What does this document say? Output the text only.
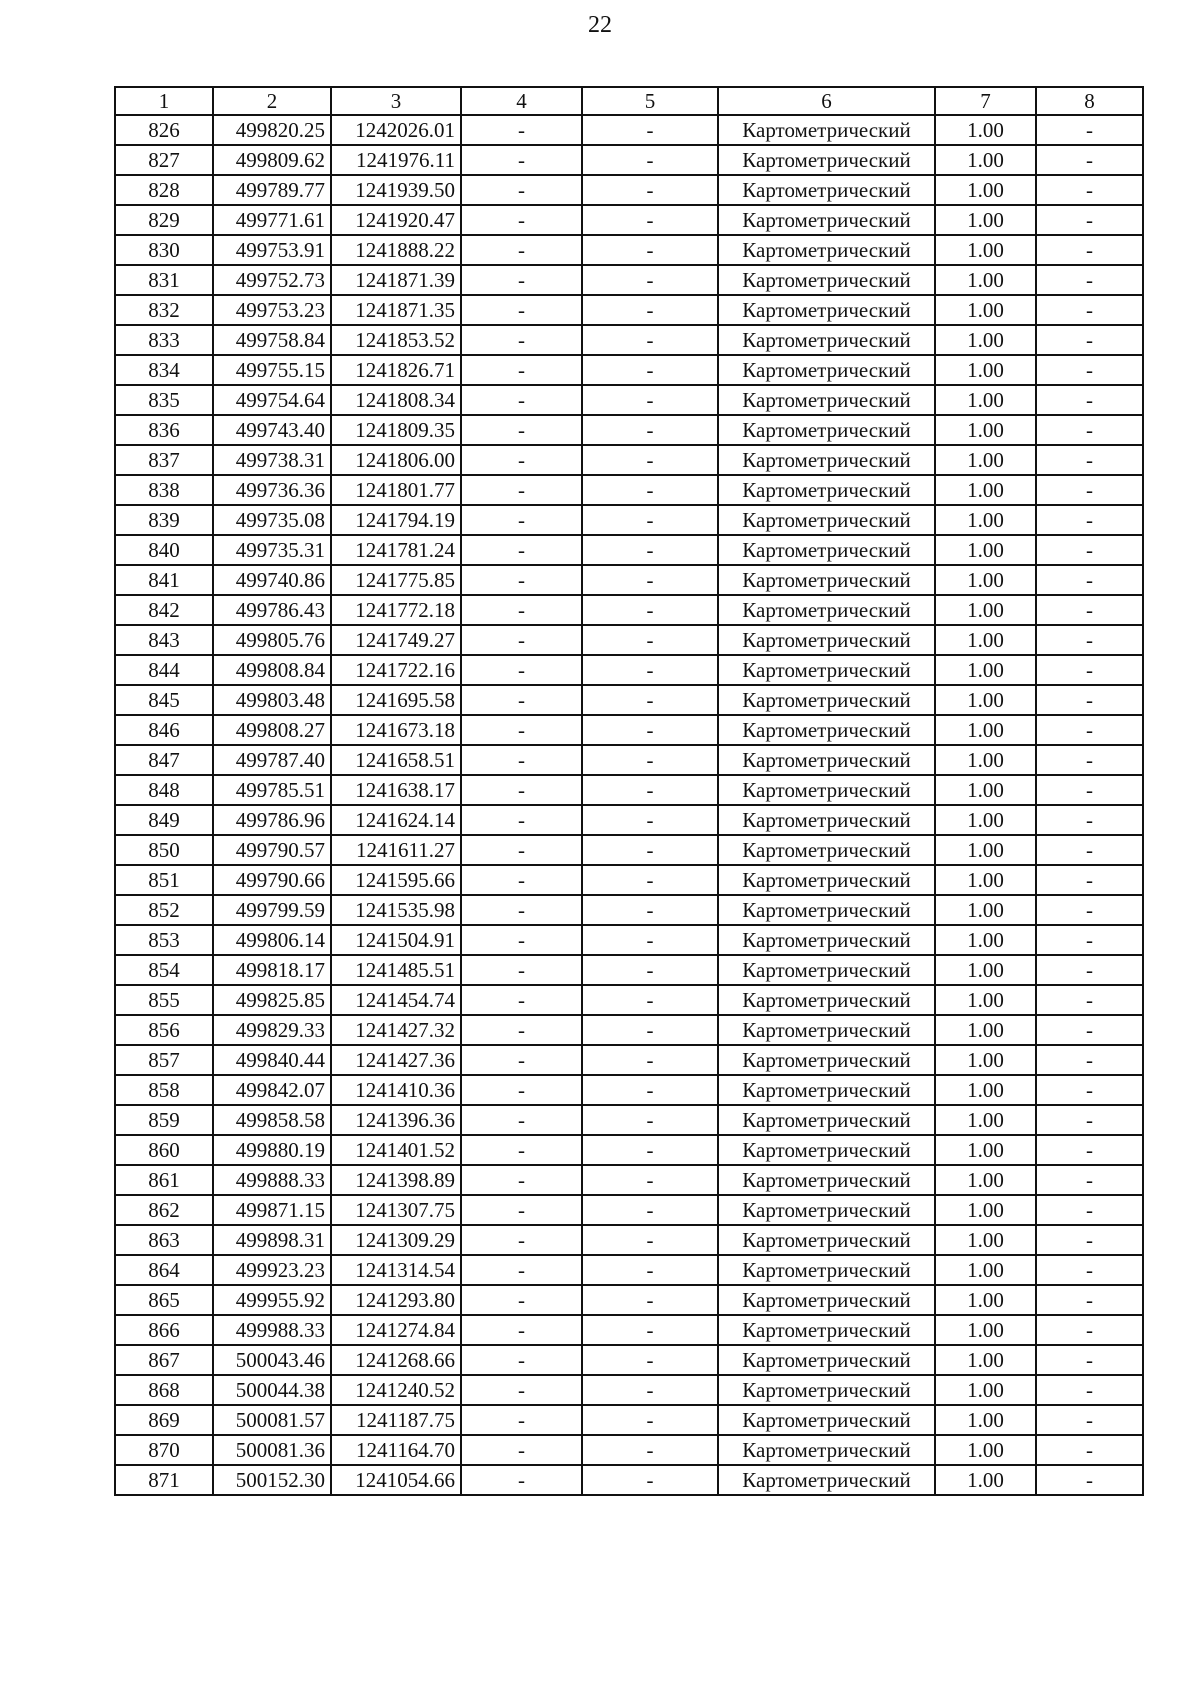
22
1	2	3	4	5	6	7	8
826	499820.25	1242026.01	-	-	Картометрический	1.00	-
827	499809.62	1241976.11	-	-	Картометрический	1.00	-
828	499789.77	1241939.50	-	-	Картометрический	1.00	-
829	499771.61	1241920.47	-	-	Картометрический	1.00	-
830	499753.91	1241888.22	-	-	Картометрический	1.00	-
831	499752.73	1241871.39	-	-	Картометрический	1.00	-
832	499753.23	1241871.35	-	-	Картометрический	1.00	-
833	499758.84	1241853.52	-	-	Картометрический	1.00	-
834	499755.15	1241826.71	-	-	Картометрический	1.00	-
835	499754.64	1241808.34	-	-	Картометрический	1.00	-
836	499743.40	1241809.35	-	-	Картометрический	1.00	-
837	499738.31	1241806.00	-	-	Картометрический	1.00	-
838	499736.36	1241801.77	-	-	Картометрический	1.00	-
839	499735.08	1241794.19	-	-	Картометрический	1.00	-
840	499735.31	1241781.24	-	-	Картометрический	1.00	-
841	499740.86	1241775.85	-	-	Картометрический	1.00	-
842	499786.43	1241772.18	-	-	Картометрический	1.00	-
843	499805.76	1241749.27	-	-	Картометрический	1.00	-
844	499808.84	1241722.16	-	-	Картометрический	1.00	-
845	499803.48	1241695.58	-	-	Картометрический	1.00	-
846	499808.27	1241673.18	-	-	Картометрический	1.00	-
847	499787.40	1241658.51	-	-	Картометрический	1.00	-
848	499785.51	1241638.17	-	-	Картометрический	1.00	-
849	499786.96	1241624.14	-	-	Картометрический	1.00	-
850	499790.57	1241611.27	-	-	Картометрический	1.00	-
851	499790.66	1241595.66	-	-	Картометрический	1.00	-
852	499799.59	1241535.98	-	-	Картометрический	1.00	-
853	499806.14	1241504.91	-	-	Картометрический	1.00	-
854	499818.17	1241485.51	-	-	Картометрический	1.00	-
855	499825.85	1241454.74	-	-	Картометрический	1.00	-
856	499829.33	1241427.32	-	-	Картометрический	1.00	-
857	499840.44	1241427.36	-	-	Картометрический	1.00	-
858	499842.07	1241410.36	-	-	Картометрический	1.00	-
859	499858.58	1241396.36	-	-	Картометрический	1.00	-
860	499880.19	1241401.52	-	-	Картометрический	1.00	-
861	499888.33	1241398.89	-	-	Картометрический	1.00	-
862	499871.15	1241307.75	-	-	Картометрический	1.00	-
863	499898.31	1241309.29	-	-	Картометрический	1.00	-
864	499923.23	1241314.54	-	-	Картометрический	1.00	-
865	499955.92	1241293.80	-	-	Картометрический	1.00	-
866	499988.33	1241274.84	-	-	Картометрический	1.00	-
867	500043.46	1241268.66	-	-	Картометрический	1.00	-
868	500044.38	1241240.52	-	-	Картометрический	1.00	-
869	500081.57	1241187.75	-	-	Картометрический	1.00	-
870	500081.36	1241164.70	-	-	Картометрический	1.00	-
871	500152.30	1241054.66	-	-	Картометрический	1.00	-
